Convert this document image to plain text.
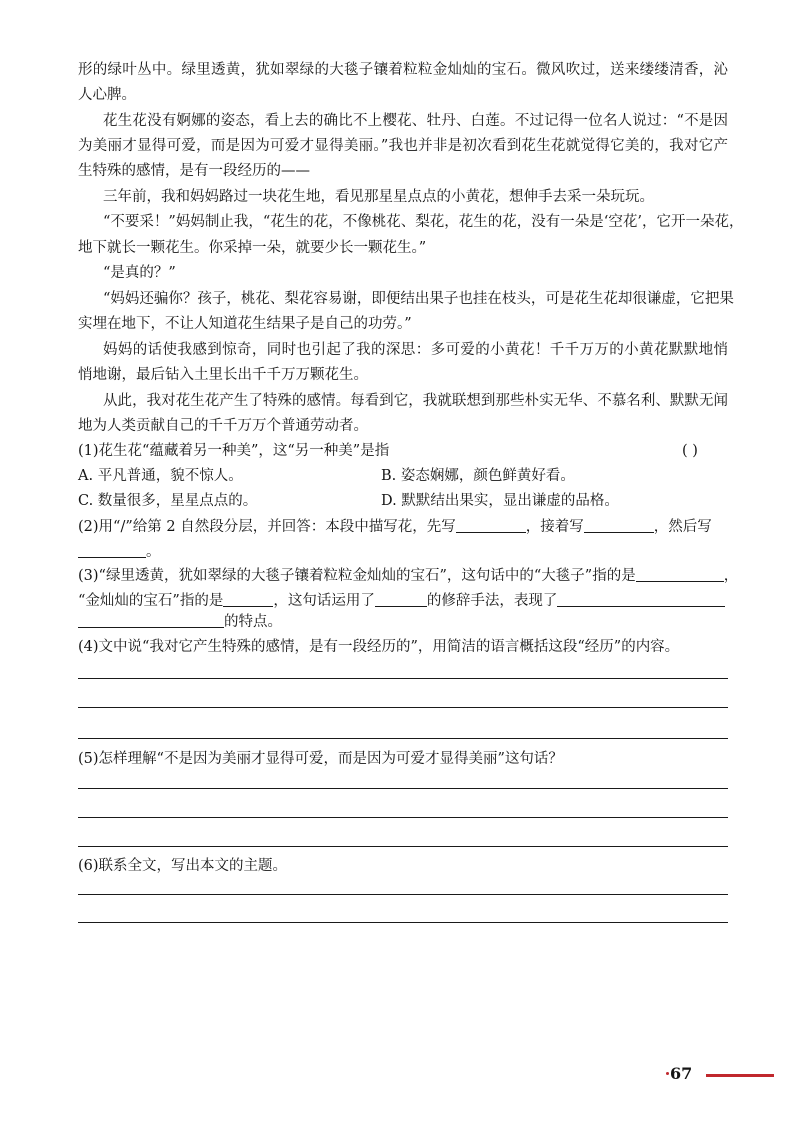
形的绿叶丛中。绿里透黄，犹如翠绿的大毯子镶着粒粒金灿灿的宝石。微风吹过，送来缕缕清香，沁
人心脾。
花生花没有婀娜的姿态，看上去的确比不上樱花、牡丹、白莲。不过记得一位名人说过：“不是因
为美丽才显得可爱，而是因为可爱才显得美丽。”我也并非是初次看到花生花就觉得它美的，我对它产
生特殊的感情，是有一段经历的——
三年前，我和妈妈路过一块花生地，看见那星星点点的小黄花，想伸手去采一朵玩玩。
“不要采！”妈妈制止我，“花生的花，不像桃花、梨花，花生的花，没有一朵是‘空花’，它开一朵花，
地下就长一颗花生。你采掉一朵，就要少长一颗花生。”
“是真的？”
“妈妈还骗你？孩子，桃花、梨花容易谢，即便结出果子也挂在枝头，可是花生花却很谦虚，它把果
实埋在地下，不让人知道花生结果子是自己的功劳。”
妈妈的话使我感到惊奇，同时也引起了我的深思：多可爱的小黄花！千千万万的小黄花默默地悄
悄地谢，最后钻入土里长出千千万万颗花生。
从此，我对花生花产生了特殊的感情。每看到它，我就联想到那些朴实无华、不慕名利、默默无闻
地为人类贡献自己的千千万万个普通劳动者。
(1)花生花“蕴藏着另一种美”，这“另一种美”是指	( )
A. 平凡普通，貌不惊人。	B. 姿态娴娜，颜色鲜黄好看。
C. 数量很多，星星点点的。	D. 默默结出果实，显出谦虚的品格。
(2)用“/”给第 2 自然段分层，并回答：本段中描写花，先写	，接着写	，然后写
。
(3)“绿里透黄，犹如翠绿的大毯子镶着粒粒金灿灿的宝石”，这句话中的“大毯子”指的是	，
“金灿灿的宝石”指的是	，这句话运用了	的修辞手法，表现了
的特点。
(4)文中说“我对它产生特殊的感情，是有一段经历的”，用简洁的语言概括这段“经历”的内容。
(5)怎样理解“不是因为美丽才显得可爱，而是因为可爱才显得美丽”这句话？
(6)联系全文，写出本文的主题。
67
